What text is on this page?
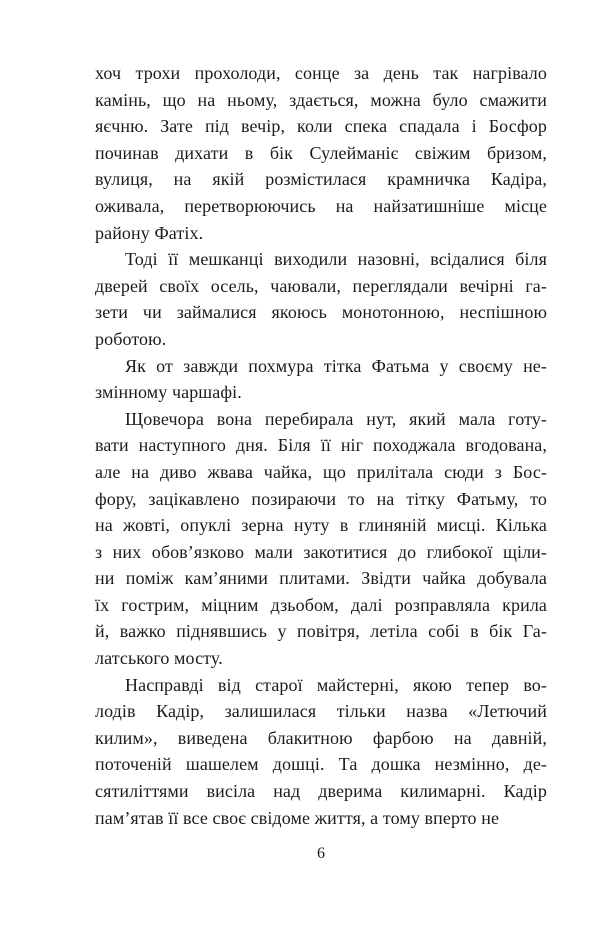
хоч трохи прохолоди, сонце за день так нагрівало
камінь, що на ньому, здається, можна було смажити
яєчню. Зате під вечір, коли спека спадала і Босфор
починав дихати в бік Сулейманіє свіжим бризом,
вулиця, на якій розмістилася крамничка Кадіра,
оживала, перетворюючись на найзатишніше місце
району Фатіх.
Тоді її мешканці виходили назовні, всідалися біля
дверей своїх осель, чаювали, переглядали вечірні га-
зети чи займалися якоюсь монотонною, неспішною
роботою.
Як от завжди похмура тітка Фатьма у своєму не-
змінному чаршафі.
Щовечора вона перебирала нут, який мала готу-
вати наступного дня. Біля її ніг походжала вгодована,
але на диво жвава чайка, що прилітала сюди з Бос-
фору, зацікавлено позираючи то на тітку Фатьму, то
на жовті, опуклі зерна нуту в глиняній мисці. Кілька
з них обов’язково мали закотитися до глибокої щіли-
ни поміж кам’яними плитами. Звідти чайка добувала
їх гострим, міцним дзьобом, далі розправляла крила
й, важко піднявшись у повітря, летіла собі в бік Га-
латського мосту.
Насправді від старої майстерні, якою тепер во-
лодів Кадір, залишилася тільки назва «Летючий
килим», виведена блакитною фарбою на давній,
поточеній шашелем дошці. Та дошка незмінно, де-
сятиліттями висіла над дверима килимарні. Кадір
пам’ятав її все своє свідоме життя, а тому вперто не
6
